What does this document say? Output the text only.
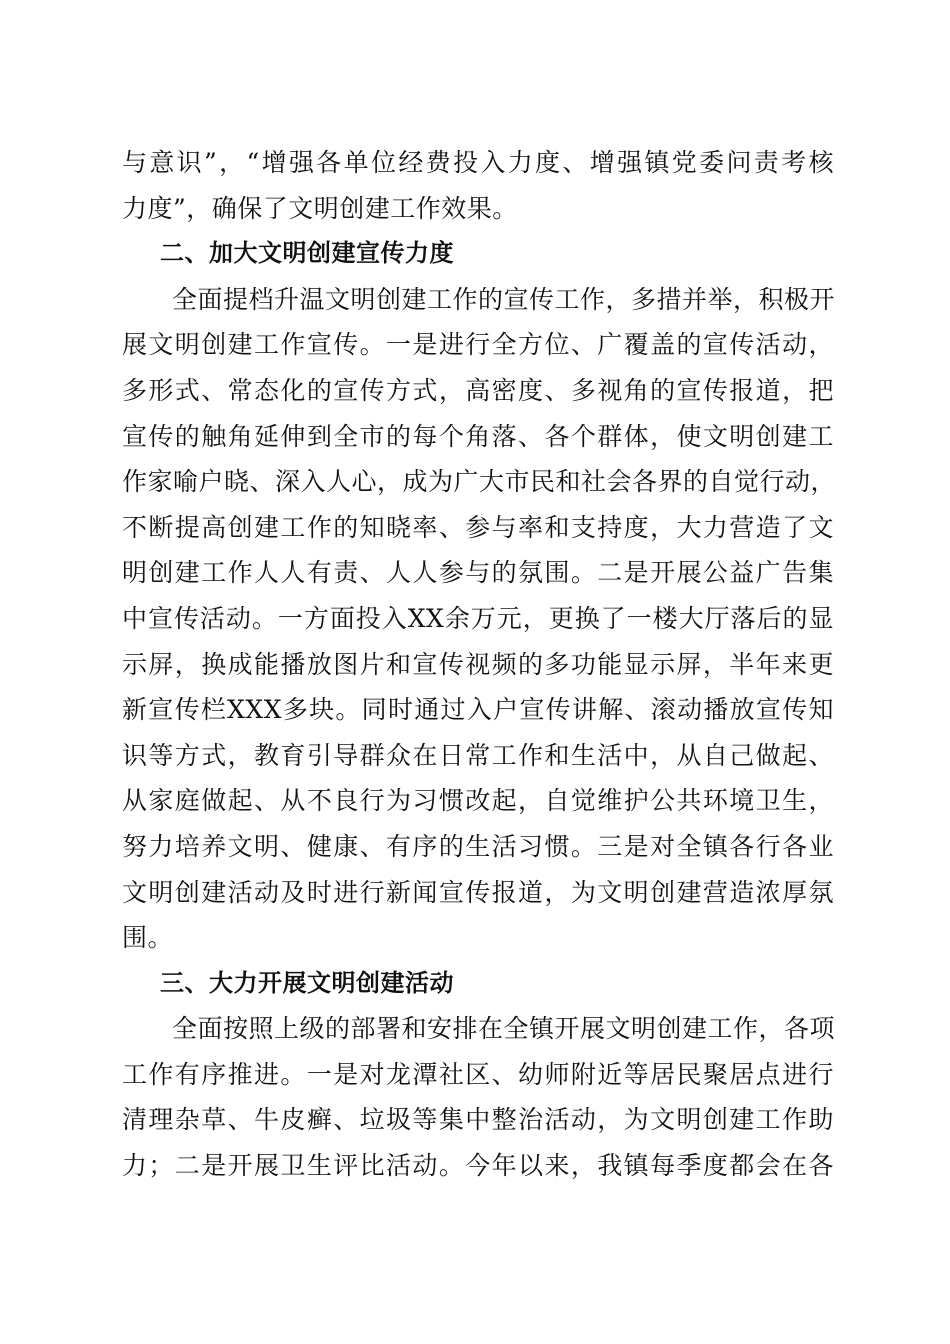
与意识”，“增强各单位经费投入力度、增强镇党委问责考核
力度”，确保了文明创建工作效果。
二、加大文明创建宣传力度
全面提档升温文明创建工作的宣传工作，多措并举，积极开
展文明创建工作宣传。一是进行全方位、广覆盖的宣传活动，
多形式、常态化的宣传方式，高密度、多视角的宣传报道，把
宣传的触角延伸到全市的每个角落、各个群体，使文明创建工
作家喻户晓、深入人心，成为广大市民和社会各界的自觉行动，
不断提高创建工作的知晓率、参与率和支持度，大力营造了文
明创建工作人人有责、人人参与的氛围。二是开展公益广告集
中宣传活动。一方面投入XX余万元，更换了一楼大厅落后的显
示屏，换成能播放图片和宣传视频的多功能显示屏，半年来更
新宣传栏XXX多块。同时通过入户宣传讲解、滚动播放宣传知
识等方式，教育引导群众在日常工作和生活中，从自己做起、
从家庭做起、从不良行为习惯改起，自觉维护公共环境卫生，
努力培养文明、健康、有序的生活习惯。三是对全镇各行各业
文明创建活动及时进行新闻宣传报道，为文明创建营造浓厚氛
围。
三、大力开展文明创建活动
全面按照上级的部署和安排在全镇开展文明创建工作，各项
工作有序推进。一是对龙潭社区、幼师附近等居民聚居点进行
清理杂草、牛皮癣、垃圾等集中整治活动，为文明创建工作助
力；二是开展卫生评比活动。今年以来，我镇每季度都会在各
